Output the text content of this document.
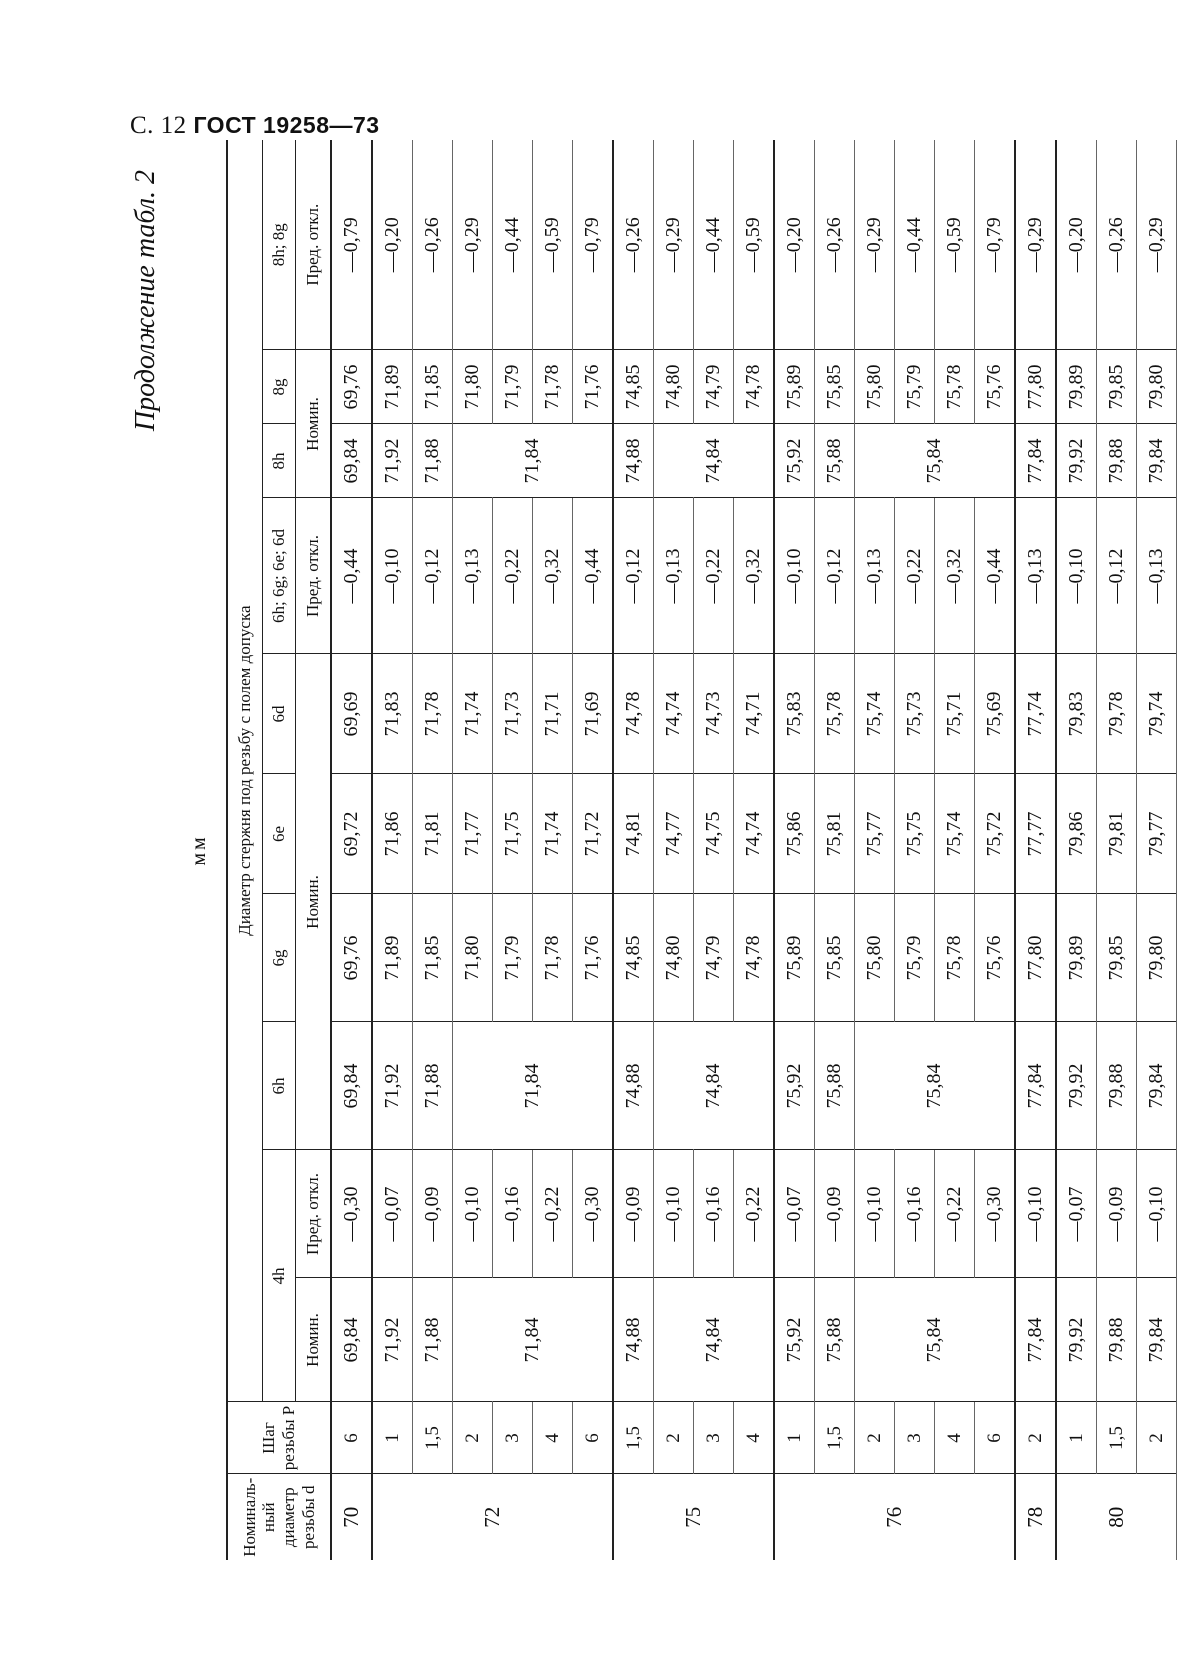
С. 12 ГОСТ 19258—73
Продолжение табл. 2
мм
Номиналь-ный диаметр резьбы d	Шаг резьбы P	Диаметр стержня под резьбу с полем допуска									
		4h		6h	6g	6e	6d	6h; 6g; 6e; 6d	8h	8g	8h; 8g
		Номин.	Пред. откл.	Номин.				Пред. откл.	Номин.		Пред. откл.
70	6	69,84	—0,30	69,84	69,76	69,72	69,69	—0,44	69,84	69,76	—0,79
72	1	71,92	—0,07	71,92	71,89	71,86	71,83	—0,10	71,92	71,89	—0,20
	1,5	71,88	—0,09	71,88	71,85	71,81	71,78	—0,12	71,88	71,85	—0,26
	2	71,84	—0,10	71,84	71,80	71,77	71,74	—0,13	71,84	71,80	—0,29
	3		—0,16		71,79	71,75	71,73	—0,22		71,79	—0,44
	4		—0,22		71,78	71,74	71,71	—0,32		71,78	—0,59
	6		—0,30		71,76	71,72	71,69	—0,44		71,76	—0,79
75	1,5	74,88	—0,09	74,88	74,85	74,81	74,78	—0,12	74,88	74,85	—0,26
	2	74,84	—0,10	74,84	74,80	74,77	74,74	—0,13	74,84	74,80	—0,29
	3		—0,16		74,79	74,75	74,73	—0,22		74,79	—0,44
	4		—0,22		74,78	74,74	74,71	—0,32		74,78	—0,59
76	1	75,92	—0,07	75,92	75,89	75,86	75,83	—0,10	75,92	75,89	—0,20
	1,5	75,88	—0,09	75,88	75,85	75,81	75,78	—0,12	75,88	75,85	—0,26
	2	75,84	—0,10	75,84	75,80	75,77	75,74	—0,13	75,84	75,80	—0,29
	3		—0,16		75,79	75,75	75,73	—0,22		75,79	—0,44
	4		—0,22		75,78	75,74	75,71	—0,32		75,78	—0,59
	6		—0,30		75,76	75,72	75,69	—0,44		75,76	—0,79
78	2	77,84	—0,10	77,84	77,80	77,77	77,74	—0,13	77,84	77,80	—0,29
80	1	79,92	—0,07	79,92	79,89	79,86	79,83	—0,10	79,92	79,89	—0,20
	1,5	79,88	—0,09	79,88	79,85	79,81	79,78	—0,12	79,88	79,85	—0,26
	2	79,84	—0,10	79,84	79,80	79,77	79,74	—0,13	79,84	79,80	—0,29
